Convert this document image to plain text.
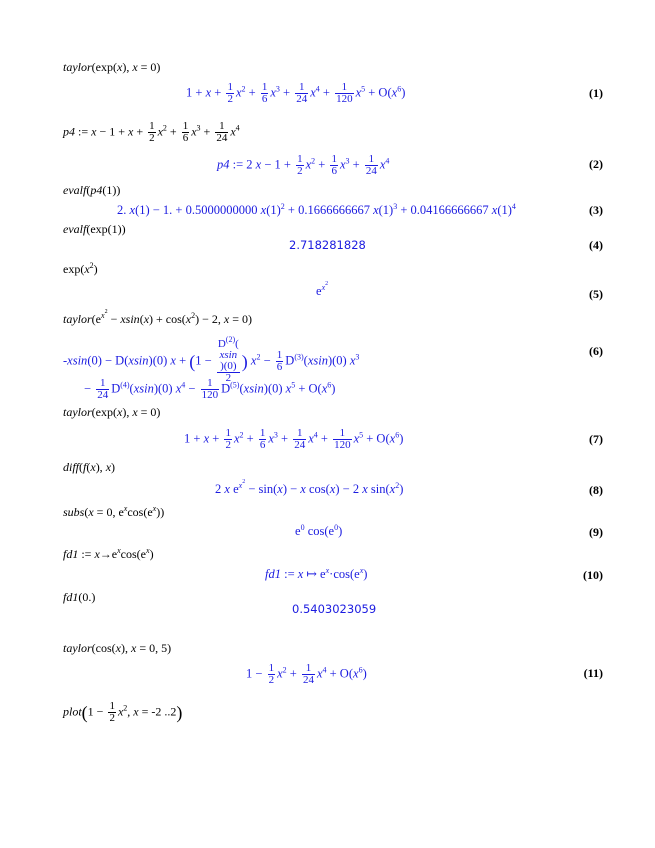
taylor(exp(x), x = 0)
$1 + x + \frac{1}{2} x^2 + \frac{1}{6} x^3 + \frac{1}{24} x^4 + \frac{1}{120} x^5 + O(x^6)$	(1)
p4 := $x - 1 + x + \frac{1}{2} x^2 + \frac{1}{6} x^3 + \frac{1}{24} x^4$
p4 := 2 $x - 1 + \frac{1}{2} x^2 + \frac{1}{6} x^3 + \frac{1}{24} x^4$	(2)
evalf(p4(1))
2. x(1) − 1. + 0.5000000000 $x(1)^2 + 0.1666666667$ $x(1)^3 + 0.04166666667$ $x(1)^4$	(3)
evalf(exp(1))
2.718281828	(4)
$\exp(x^2)$
$e^{x^2}$
(5)
$taylor(e^{x^2} - xsin(x) + \cos(x^2) - 2$, x = 0)
-xsin(0) − D(xsin)(0) $x + (1 - D^{(2)}$(
xsin
)(0)
2 ) $x^2 - \frac{1}{6} D^{(3)}(xsin)(0)$ $x^3$	(6)
− $\frac{1}{24} D^{(4)}(xsin)(0) x^4 - \frac{1}{120} D^{(5)}(xsin)(0) x^5 + O(x^6)$
taylor(exp(x), x = 0)
$1 + x + \frac{1}{2} x^2 + \frac{1}{6} x^3 + \frac{1}{24} x^4 + \frac{1}{120} x^5 + O(x^6)$	(7)
diff(f(x), x)
2 x $e^{x^2} - \sin(x) - x$ cos(x) − 2 x $\sin(x^2)$	(8)
subs(x = 0, $e^x\cos(e^x)$)
$e^0$ $\cos(e^0)$	(9)
fd1 := $x\to e^x\cos(e^x)$
fd1 := x ↦ $e^x\cdot\cos(e^x)$	(10)
fd1(0.)
0.5403023059
taylor(cos(x), x = 0, 5)
$1 - \frac{1}{2} x^2 + \frac{1}{24} x^4 + O(x^6)$	(11)
plot(1 − $\frac{1}{2} x^2$, x = -2 ..2)
